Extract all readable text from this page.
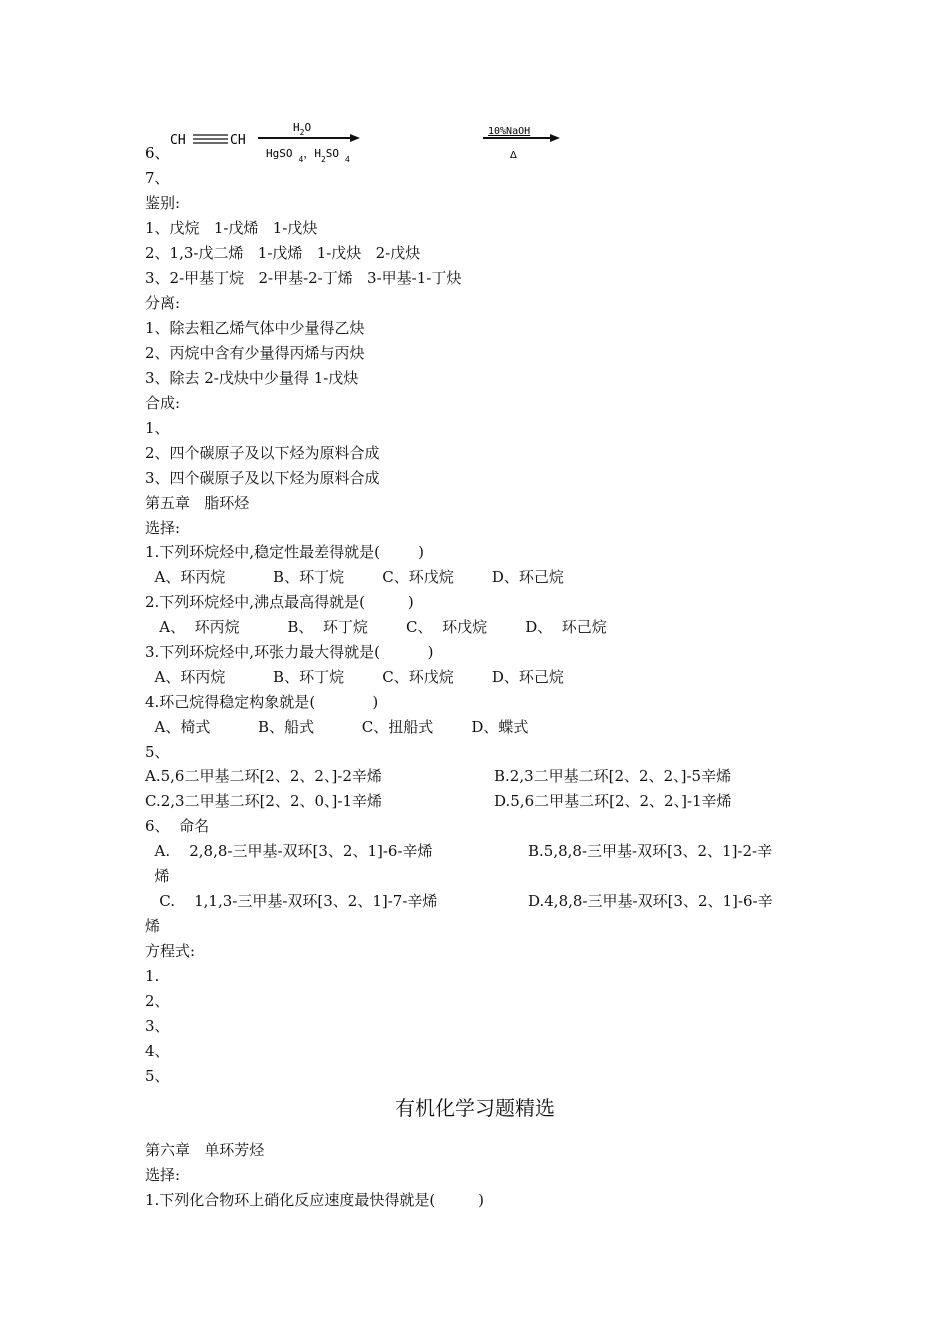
6、
CH	CH
$H_2O$
HgSO $_4$，$H_2SO$ $_4$
10%NaOH
Δ
7、
鉴别:
1、戊烷   1-戊烯   1-戊炔
2、1,3-戊二烯   1-戊烯   1-戊炔   2-戊炔
3、2-甲基丁烷   2-甲基-2-丁烯   3-甲基-1-丁炔
分离:
1、除去粗乙烯气体中少量得乙炔
2、丙烷中含有少量得丙烯与丙炔
3、除去 2-戊炔中少量得 1-戊炔
合成:
1、
2、四个碳原子及以下烃为原料合成
3、四个碳原子及以下烃为原料合成
第五章   脂环烃
选择:
1.下列环烷烃中,稳定性最差得就是(        )
A、环丙烷          B、环丁烷        C、环戊烷        D、环己烷
2.下列环烷烃中,沸点最高得就是(         )
A、  环丙烷          B、  环丁烷        C、  环戊烷        D、  环己烷
3.下列环烷烃中,环张力最大得就是(          )
A、环丙烷          B、环丁烷        C、环戊烷        D、环己烷
4.环己烷得稳定构象就是(            )
A、椅式          B、船式          C、扭船式        D、蝶式
5、
A.5,6二甲基二环[2、2、2、]-2辛烯	B.2,3二甲基二环[2、2、2、]-5辛烯
C.2,3二甲基二环[2、2、0、]-1辛烯	D.5,6二甲基二环[2、2、2、]-1辛烯
6、  命名
A.    2,8,8-三甲基-双环[3、2、1]-6-辛烯	B.5,8,8-三甲基-双环[3、2、1]-2-辛
烯
C.    1,1,3-三甲基-双环[3、2、1]-7-辛烯	D.4,8,8-三甲基-双环[3、2、1]-6-辛
烯
方程式:
1.
2、
3、
4、
5、
有机化学习题精选
第六章   单环芳烃
选择:
1.下列化合物环上硝化反应速度最快得就是(         )
